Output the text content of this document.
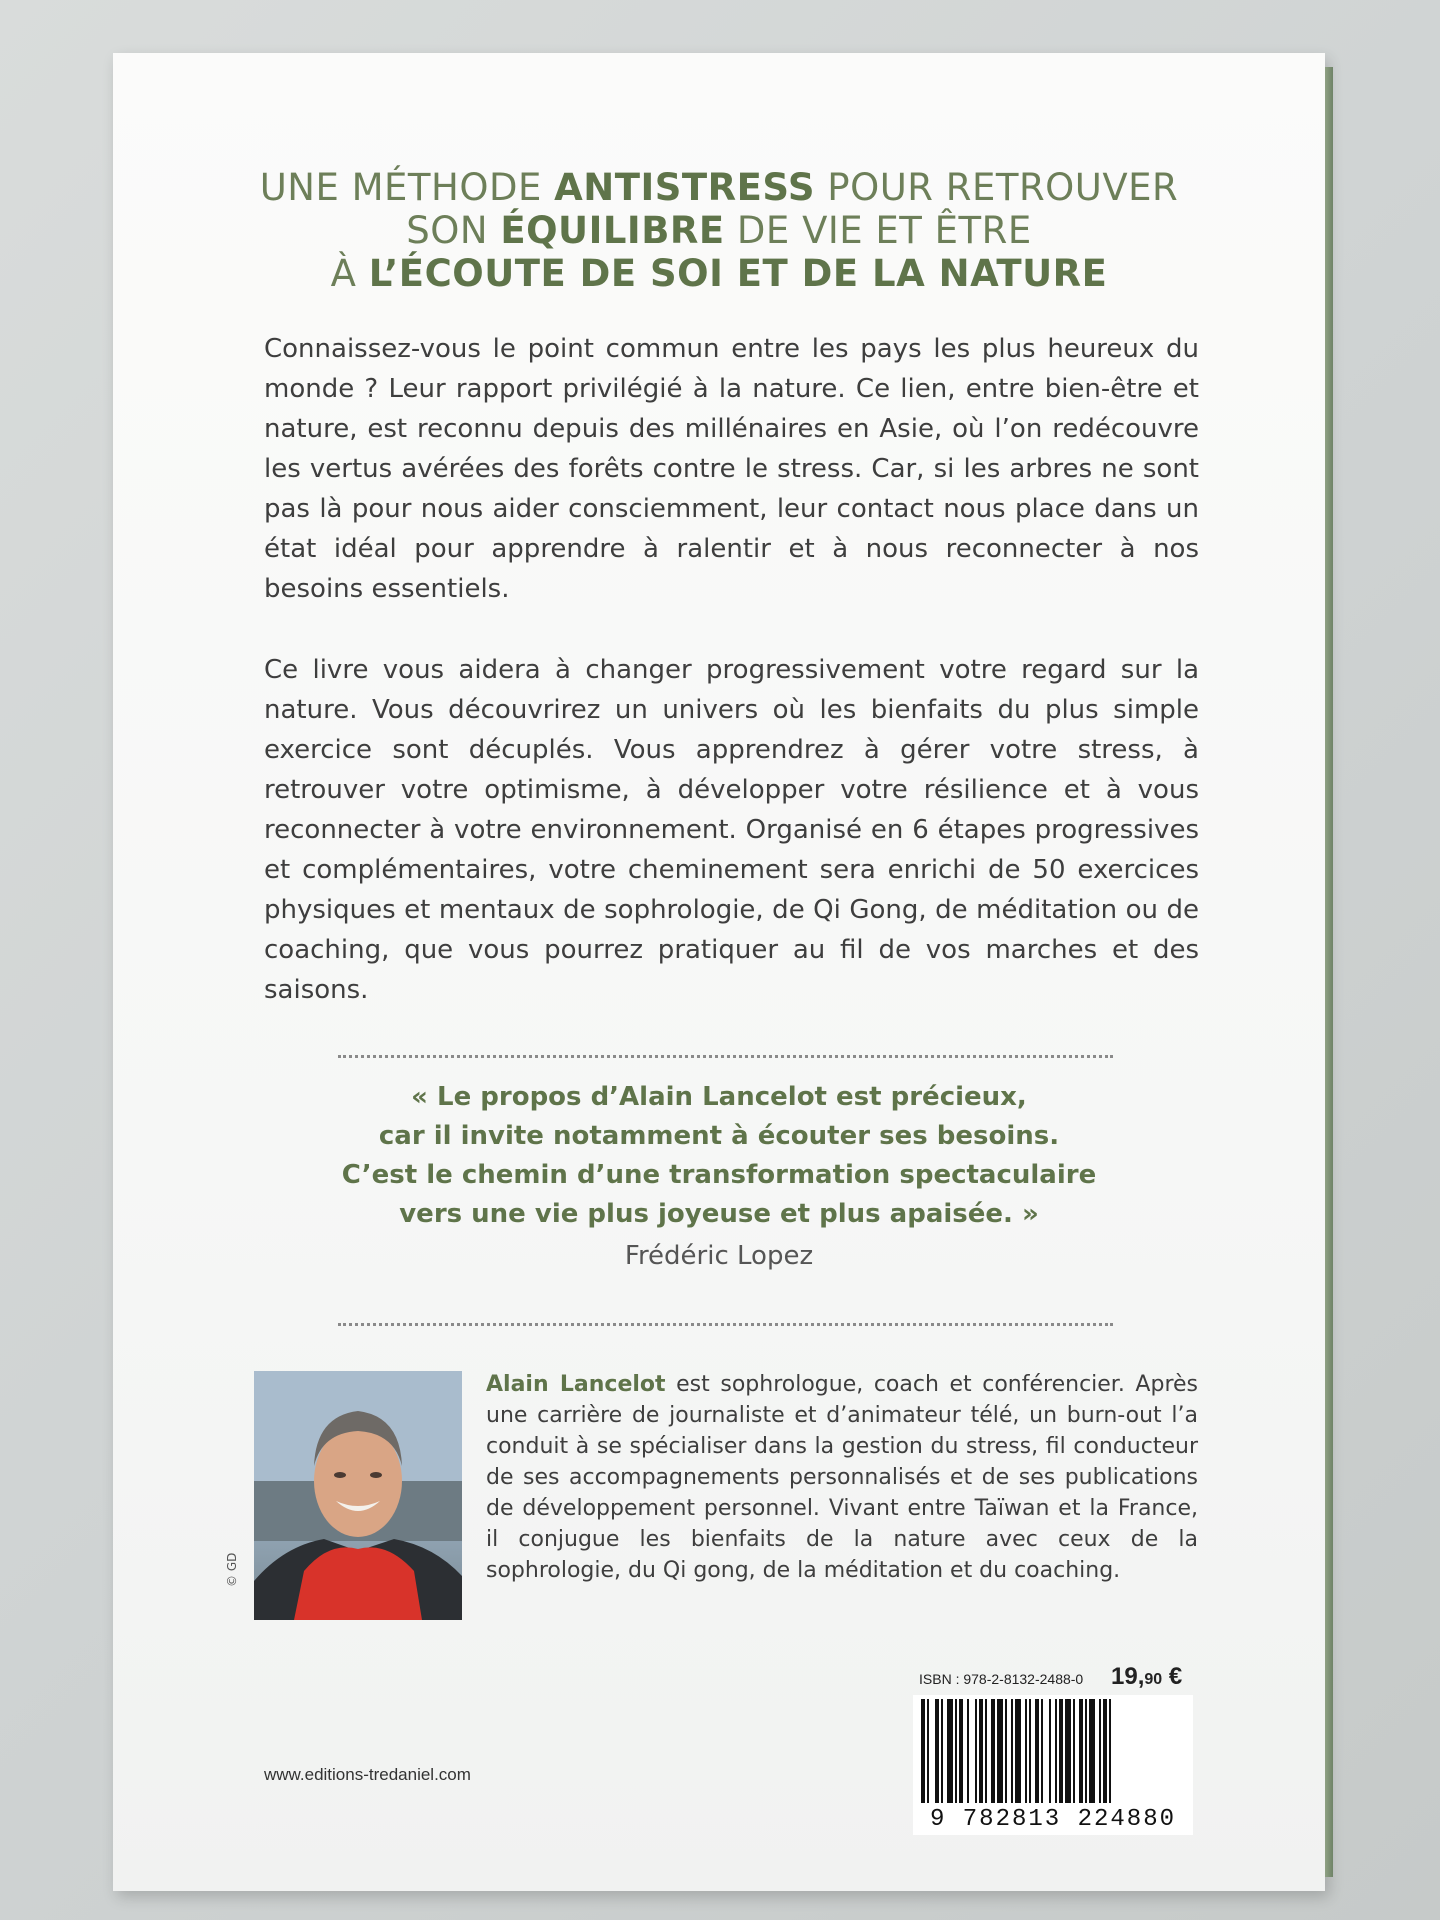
UNE MÉTHODE ANTISTRESS POUR RETROUVER
SON ÉQUILIBRE DE VIE ET ÊTRE
À L’ÉCOUTE DE SOI ET DE LA NATURE
Connaissez-vous le point commun entre les pays les plus heureux du monde ? Leur rapport privilégié à la nature. Ce lien, entre bien-être et nature, est reconnu depuis des millénaires en Asie, où l’on redécouvre les vertus avérées des forêts contre le stress. Car, si les arbres ne sont pas là pour nous aider consciemment, leur contact nous place dans un état idéal pour apprendre à ralentir et à nous reconnecter à nos besoins essentiels.
Ce livre vous aidera à changer progressivement votre regard sur la nature. Vous découvrirez un univers où les bienfaits du plus simple exercice sont décuplés. Vous apprendrez à gérer votre stress, à retrouver votre optimisme, à développer votre résilience et à vous reconnecter à votre environnement. Organisé en 6 étapes progressives et complémentaires, votre cheminement sera enrichi de 50 exercices physiques et mentaux de sophrologie, de Qi Gong, de méditation ou de coaching, que vous pourrez pratiquer au fil de vos marches et des saisons.
« Le propos d’Alain Lancelot est précieux,
car il invite notamment à écouter ses besoins.
C’est le chemin d’une transformation spectaculaire
vers une vie plus joyeuse et plus apaisée. »
Frédéric Lopez
© GD
Alain Lancelot est sophrologue, coach et conférencier. Après une carrière de journaliste et d’animateur télé, un burn-out l’a conduit à se spécialiser dans la gestion du stress, fil conducteur de ses accompagnements personnalisés et de ses publications de développement personnel. Vivant entre Taïwan et la France, il conjugue les bienfaits de la nature avec ceux de la sophrologie, du Qi gong, de la méditation et du coaching.
ISBN : 978-2-8132-2488-0 19,90 €
9 782813 224880
www.editions-tredaniel.com
